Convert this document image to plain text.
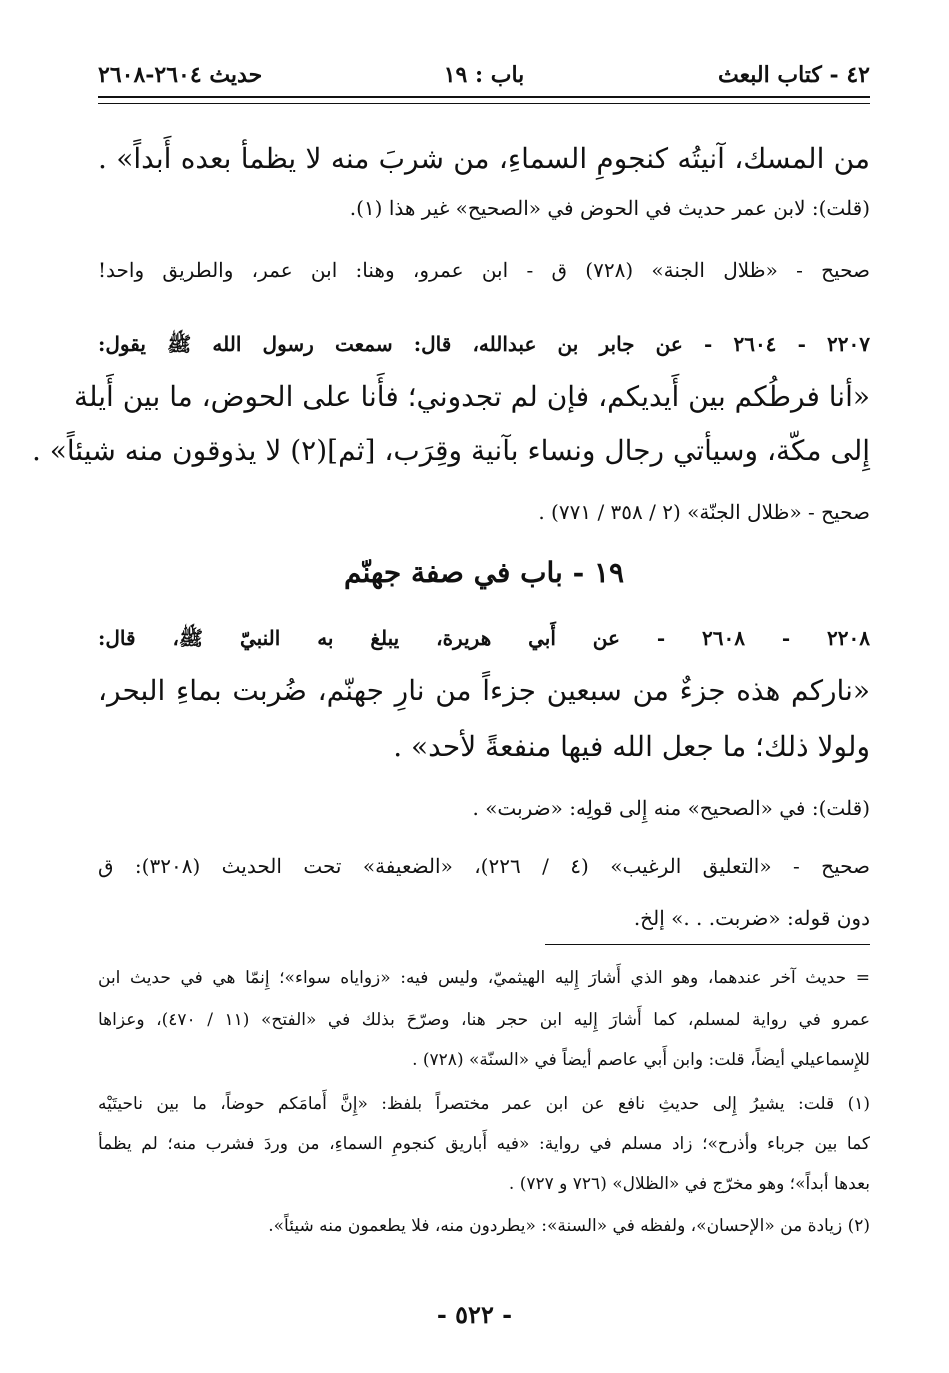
٤٢ - كتاب البعث
باب : ١٩
حديث ٢٦٠٤-٢٦٠٨
من المسك، آنيتُه كنجومِ السماءِ، من شربَ منه لا يظمأ بعده أَبداً» .
(قلت): لابن عمر حديث في الحوض في «الصحيح» غير هذا (١).
صحيح - «ظلال الجنة» (٧٢٨) ق - ابن عمرو، وهنا: ابن عمر، والطريق واحد!
٢٢٠٧ - ٢٦٠٤ - عن جابر بن عبدالله، قال: سمعت رسول الله ﷺ يقول:
«أنا فرطُكم بين أَيديكم، فإن لم تجدوني؛ فأَنا على الحوض، ما بين أَيلة
إِلى مكّة، وسيأتي رجال ونساء بآنية وقِرَب، [ثم](٢) لا يذوقون منه شيئاً» .
صحيح - «ظلال الجنّة» (٢ / ٣٥٨ / ٧٧١) .
١٩ - باب في صفة جهنّم
٢٢٠٨ - ٢٦٠٨ - عن أَبي هريرة، يبلغ به النبيّ ﷺ، قال:
«ناركم هذه جزءٌ من سبعين جزءاً من نارِ جهنّم، ضُربت بماءِ البحر،
ولولا ذلك؛ ما جعل الله فيها منفعةً لأحد» .
(قلت): في «الصحيح» منه إِلى قولِه: «ضربت» .
صحيح - «التعليق الرغيب» (٤ / ٢٢٦)، «الضعيفة» تحت الحديث (٣٢٠٨): ق
دون قوله: «ضربت. . .» إلخ.
= حديث آخر عندهما، وهو الذي أَشارَ إِليه الهيثميّ، وليس فيه: «زواياه سواء»؛ إِنمّا هي في حديث ابن
عمرو في رواية لمسلم، كما أَشارَ إِليه ابن حجر هنا، وصرّحَ بذلك في «الفتح» (١١ / ٤٧٠)، وعزاها
للإِسماعيلي أيضاً، قلت: وابن أَبي عاصم أيضاً في «السنّة» (٧٢٨) .
(١) قلت: يشيرُ إِلى حديثِ نافع عن ابن عمر مختصراً بلفظ: «إِنَّ أَمامَكم حوضاً، ما بين ناحيتَيْه
كما بين جرباء وأذرح»؛ زاد مسلم في رواية: «فيه أَباريق كنجومِ السماءِ، من وردَ فشرب منه؛ لم يظمأ
بعدها أبداً»؛ وهو مخرّج في «الظلال» (٧٢٦ و ٧٢٧) .
(٢) زيادة من «الإحسان»، ولفظه في «السنة»: «يطردون منه، فلا يطعمون منه شيئاً».
- ٥٢٢ -
